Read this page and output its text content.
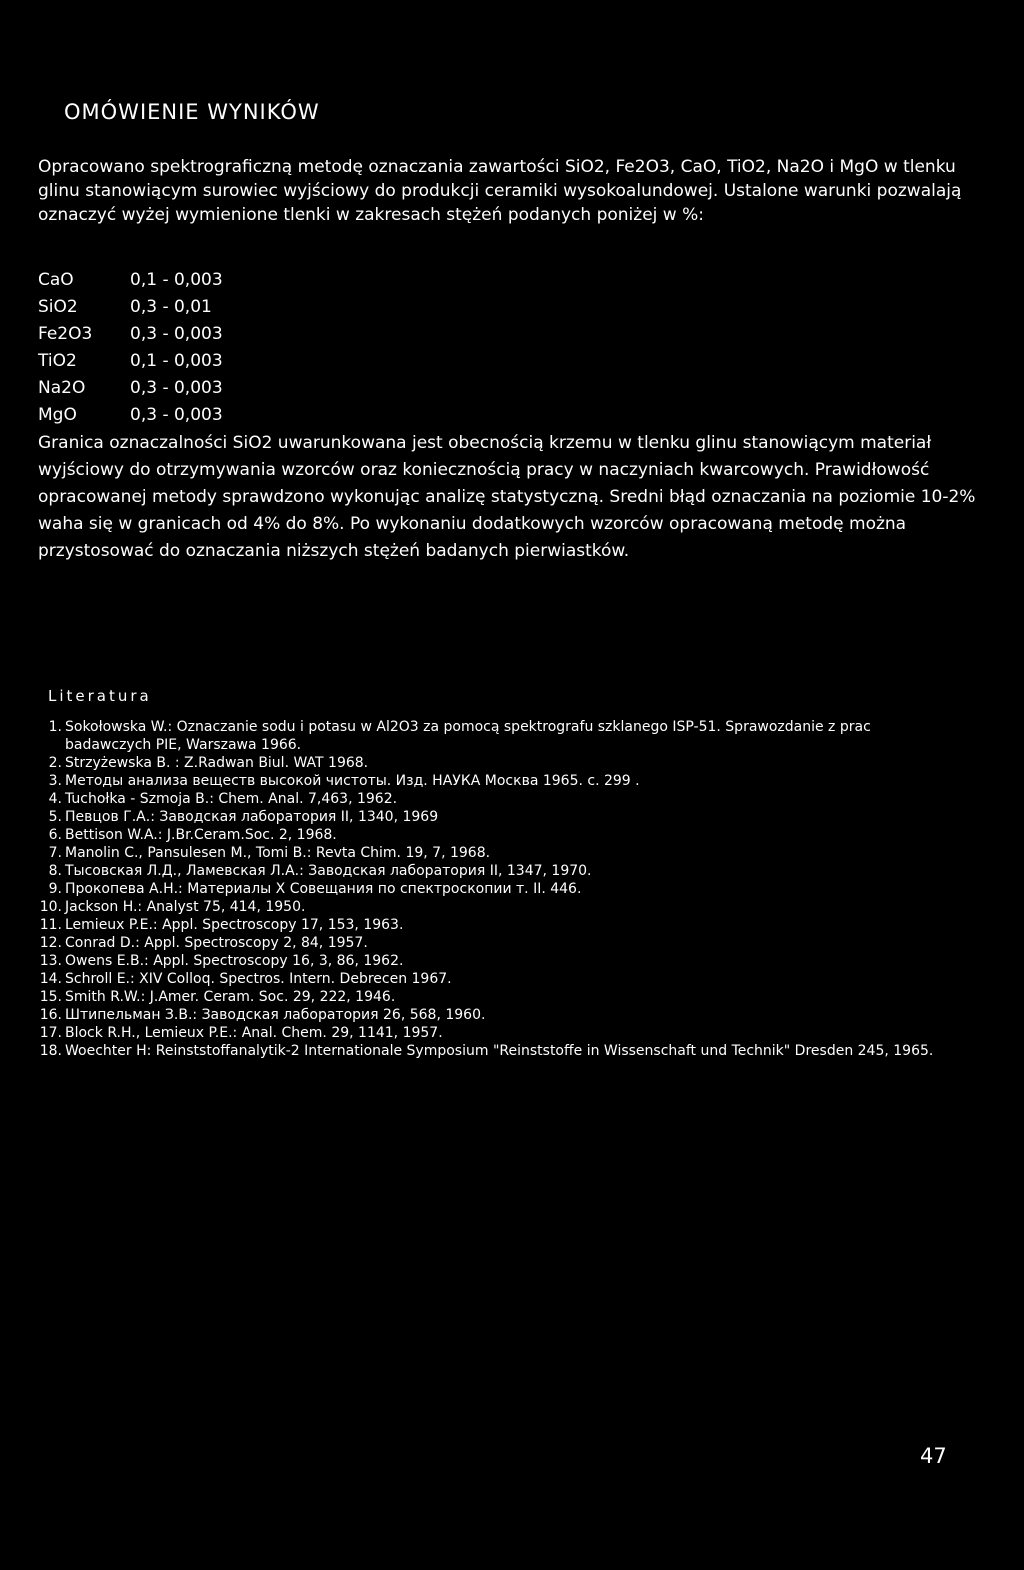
OMÓWIENIE WYNIKÓW
Opracowano spektrograficzną metodę oznaczania zawartości SiO2, Fe2O3, CaO, TiO2, Na2O i MgO w tlenku glinu stanowiącym surowiec wyjściowy do produkcji ceramiki wysokoalundowej. Ustalone warunki pozwalają oznaczyć wyżej wymienione tlenki w zakresach stężeń podanych poniżej w %:
CaO	0,1 - 0,003
SiO2	0,3 - 0,01
Fe2O3	0,3 - 0,003
TiO2	0,1 - 0,003
Na2O	0,3 - 0,003
MgO	0,3 - 0,003
Granica oznaczalności SiO2 uwarunkowana jest obecnością krzemu w tlenku glinu stanowiącym materiał wyjściowy do otrzymywania wzorców oraz koniecznością pracy w naczyniach kwarcowych. Prawidłowość opracowanej metody sprawdzono wykonując analizę statystyczną. Sredni błąd oznaczania na poziomie 10-2% waha się w granicach od 4% do 8%. Po wykonaniu dodatkowych wzorców opracowaną metodę można przystosować do oznaczania niższych stężeń badanych pierwiastków.
Literatura
1. Sokołowska W.: Oznaczanie sodu i potasu w Al2O3 za pomocą spektrografu szklanego ISP-51. Sprawozdanie z prac badawczych PIE, Warszawa 1966.
2. Strzyżewska B. : Z.Radwan Biul. WAT 1968.
3. Методы анализа веществ высокой чистоты. Изд. НАУКА Москва 1965. с. 299 .
4. Tuchołka - Szmoja B.: Chem. Anal. 7,463, 1962.
5. Певцов Г.А.: Заводская лаборатория II, 1340, 1969
6. Bettison W.A.: J.Br.Ceram.Soc. 2, 1968.
7. Manolin C., Pansulesen M., Tomi B.: Revta Chim. 19, 7, 1968.
8. Тысовская Л.Д., Ламевская Л.А.: Заводская лаборатория II, 1347, 1970.
9. Прокопева А.Н.: Материалы X Совещания по спектроскопии т. II. 446.
10. Jackson H.: Analyst 75, 414, 1950.
11. Lemieux P.E.: Appl. Spectroscopy 17, 153, 1963.
12. Conrad D.: Appl. Spectroscopy 2, 84, 1957.
13. Owens E.B.: Appl. Spectroscopy 16, 3, 86, 1962.
14. Schroll E.: XIV Colloq. Spectros. Intern. Debrecen 1967.
15. Smith R.W.: J.Amer. Ceram. Soc. 29, 222, 1946.
16. Штипельман З.В.: Заводская лаборатория 26, 568, 1960.
17. Block R.H., Lemieux P.E.: Anal. Chem. 29, 1141, 1957.
18. Woechter H: Reinststoffanalytik-2 Internationale Symposium "Reinststoffe in Wissenschaft und Technik" Dresden 245, 1965.
47
